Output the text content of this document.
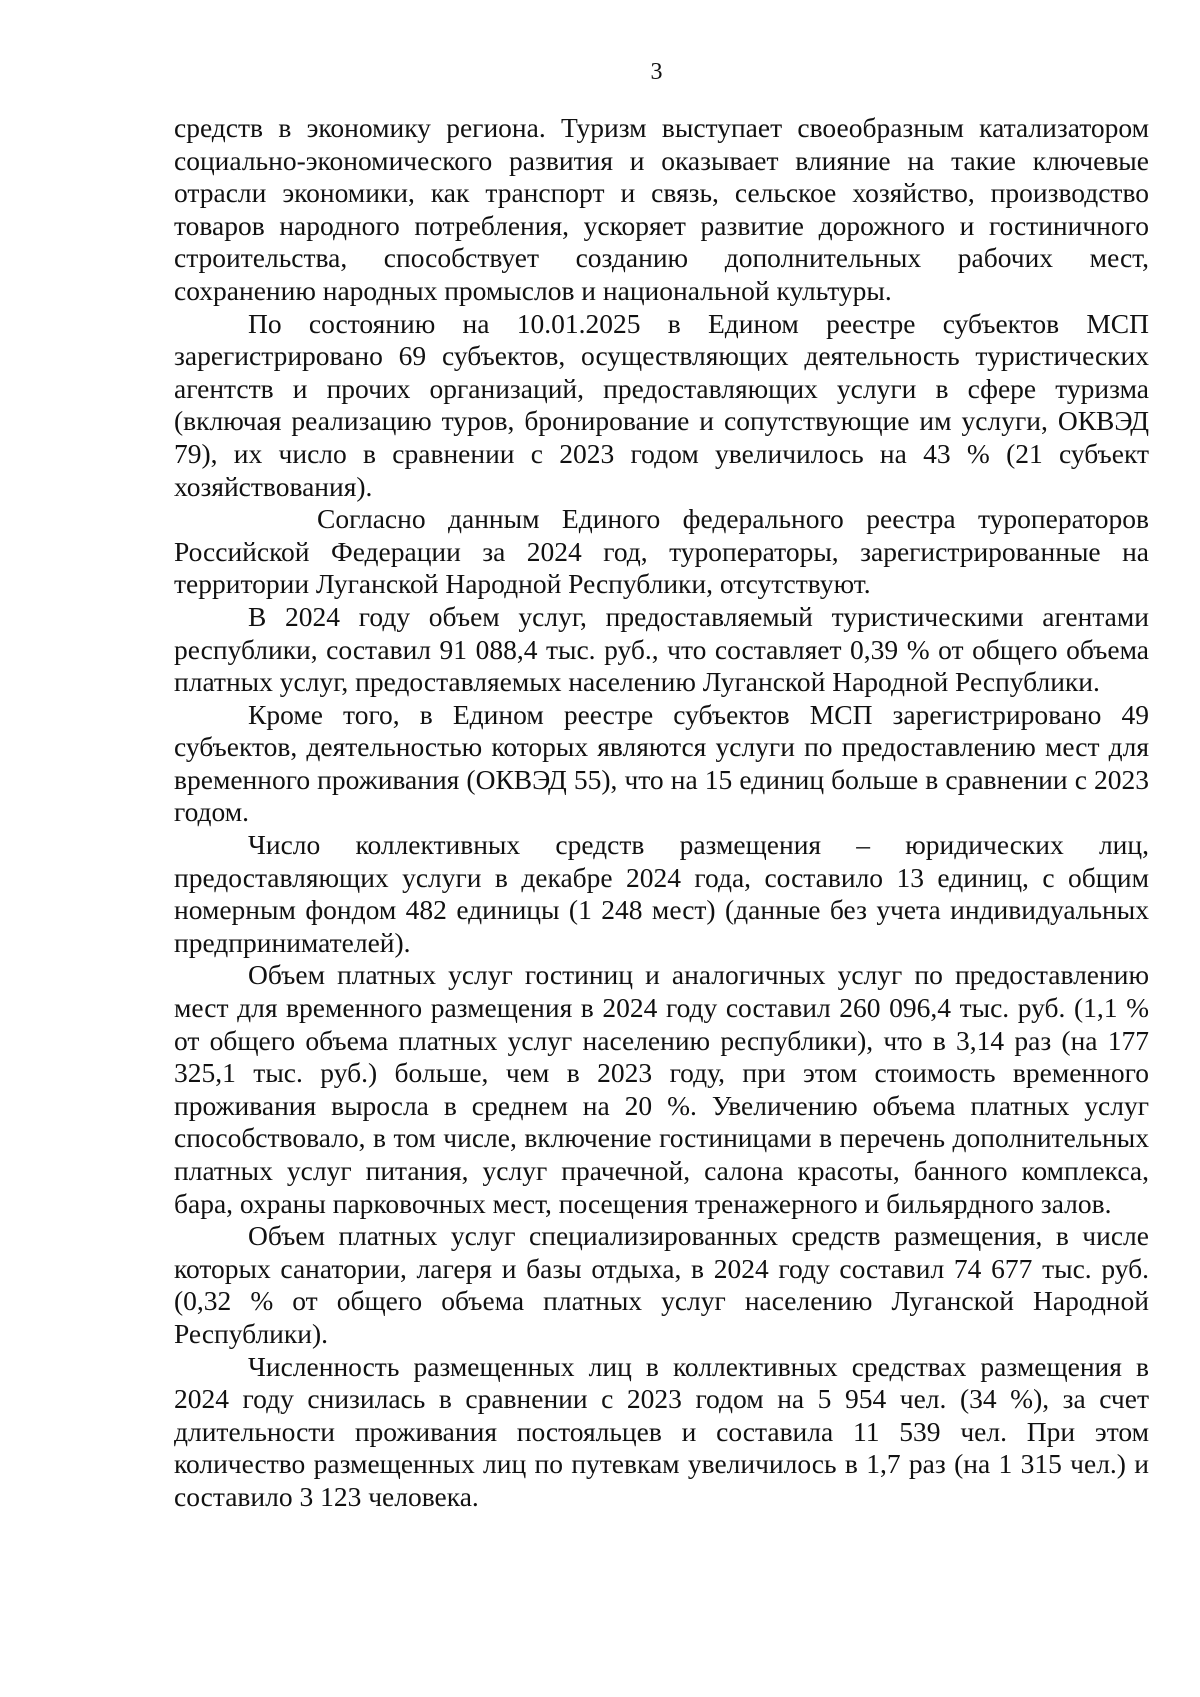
3

средств в экономику региона. Туризм выступает своеобразным катализатором социально-экономического развития и оказывает влияние на такие ключевые отрасли экономики, как транспорт и связь, сельское хозяйство, производство товаров народного потребления, ускоряет развитие дорожного и гостиничного строительства, способствует созданию дополнительных рабочих мест, сохранению народных промыслов и национальной культуры.

По состоянию на 10.01.2025 в Едином реестре субъектов МСП зарегистрировано 69 субъектов, осуществляющих деятельность туристических агентств и прочих организаций, предоставляющих услуги в сфере туризма (включая реализацию туров, бронирование и сопутствующие им услуги, ОКВЭД 79), их число в сравнении с 2023 годом увеличилось на 43 % (21 субъект хозяйствования).

Согласно данным Единого федерального реестра туроператоров Российской Федерации за 2024 год, туроператоры, зарегистрированные на территории Луганской Народной Республики, отсутствуют.

В 2024 году объем услуг, предоставляемый туристическими агентами республики, составил 91 088,4 тыс. руб., что составляет 0,39 % от общего объема платных услуг, предоставляемых населению Луганской Народной Республики.

Кроме того, в Едином реестре субъектов МСП зарегистрировано 49 субъектов, деятельностью которых являются услуги по предоставлению мест для временного проживания (ОКВЭД 55), что на 15 единиц больше в сравнении с 2023 годом.

Число коллективных средств размещения – юридических лиц, предоставляющих услуги в декабре 2024 года, составило 13 единиц, с общим номерным фондом 482 единицы (1 248 мест) (данные без учета индивидуальных предпринимателей).

Объем платных услуг гостиниц и аналогичных услуг по предоставлению мест для временного размещения в 2024 году составил 260 096,4 тыс. руб. (1,1 % от общего объема платных услуг населению республики), что в 3,14 раз (на 177 325,1 тыс. руб.) больше, чем в 2023 году, при этом стоимость временного проживания выросла в среднем на 20 %. Увеличению объема платных услуг способствовало, в том числе, включение гостиницами в перечень дополнительных платных услуг питания, услуг прачечной, салона красоты, банного комплекса, бара, охраны парковочных мест, посещения тренажерного и бильярдного залов.

Объем платных услуг специализированных средств размещения, в числе которых санатории, лагеря и базы отдыха, в 2024 году составил 74 677 тыс. руб. (0,32 % от общего объема платных услуг населению Луганской Народной Республики).

Численность размещенных лиц в коллективных средствах размещения в 2024 году снизилась в сравнении с 2023 годом на 5 954 чел. (34 %), за счет длительности проживания постояльцев и составила 11 539 чел. При этом количество размещенных лиц по путевкам увеличилось в 1,7 раз (на 1 315 чел.) и составило 3 123 человека.
